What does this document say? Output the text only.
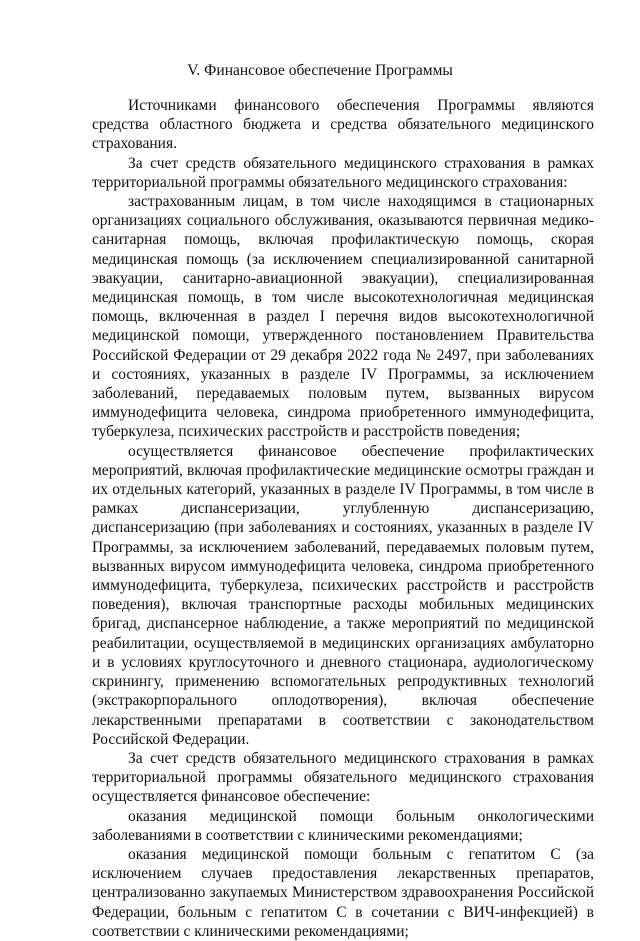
V. Финансовое обеспечение Программы

Источниками финансового обеспечения Программы являются средства областного бюджета и средства обязательного медицинского страхования.

За счет средств обязательного медицинского страхования в рамках территориальной программы обязательного медицинского страхования:

застрахованным лицам, в том числе находящимся в стационарных организациях социального обслуживания, оказываются первичная медико-санитарная помощь, включая профилактическую помощь, скорая медицинская помощь (за исключением специализированной санитарной эвакуации, санитарно-авиационной эвакуации), специализированная медицинская помощь, в том числе высокотехнологичная медицинская помощь, включенная в раздел I перечня видов высокотехнологичной медицинской помощи, утвержденного постановлением Правительства Российской Федерации от 29 декабря 2022 года № 2497, при заболеваниях и состояниях, указанных в разделе IV Программы, за исключением заболеваний, передаваемых половым путем, вызванных вирусом иммунодефицита человека, синдрома приобретенного иммунодефицита, туберкулеза, психических расстройств и расстройств поведения;

осуществляется финансовое обеспечение профилактических мероприятий, включая профилактические медицинские осмотры граждан и их отдельных категорий, указанных в разделе IV Программы, в том числе в рамках диспансеризации, углубленную диспансеризацию, диспансеризацию (при заболеваниях и состояниях, указанных в разделе IV Программы, за исключением заболеваний, передаваемых половым путем, вызванных вирусом иммунодефицита человека, синдрома приобретенного иммунодефицита, туберкулеза, психических расстройств и расстройств поведения), включая транспортные расходы мобильных медицинских бригад, диспансерное наблюдение, а также мероприятий по медицинской реабилитации, осуществляемой в медицинских организациях амбулаторно и в условиях круглосуточного и дневного стационара, аудиологическому скринингу, применению вспомогательных репродуктивных технологий (экстракорпорального оплодотворения), включая обеспечение лекарственными препаратами в соответствии с законодательством Российской Федерации.

За счет средств обязательного медицинского страхования в рамках территориальной программы обязательного медицинского страхования осуществляется финансовое обеспечение:

оказания медицинской помощи больным онкологическими заболеваниями в соответствии с клиническими рекомендациями;

оказания медицинской помощи больным с гепатитом С (за исключением случаев предоставления лекарственных препаратов, централизованно закупаемых Министерством здравоохранения Российской Федерации, больным с гепатитом С в сочетании с ВИЧ-инфекцией) в соответствии с клиническими рекомендациями;
